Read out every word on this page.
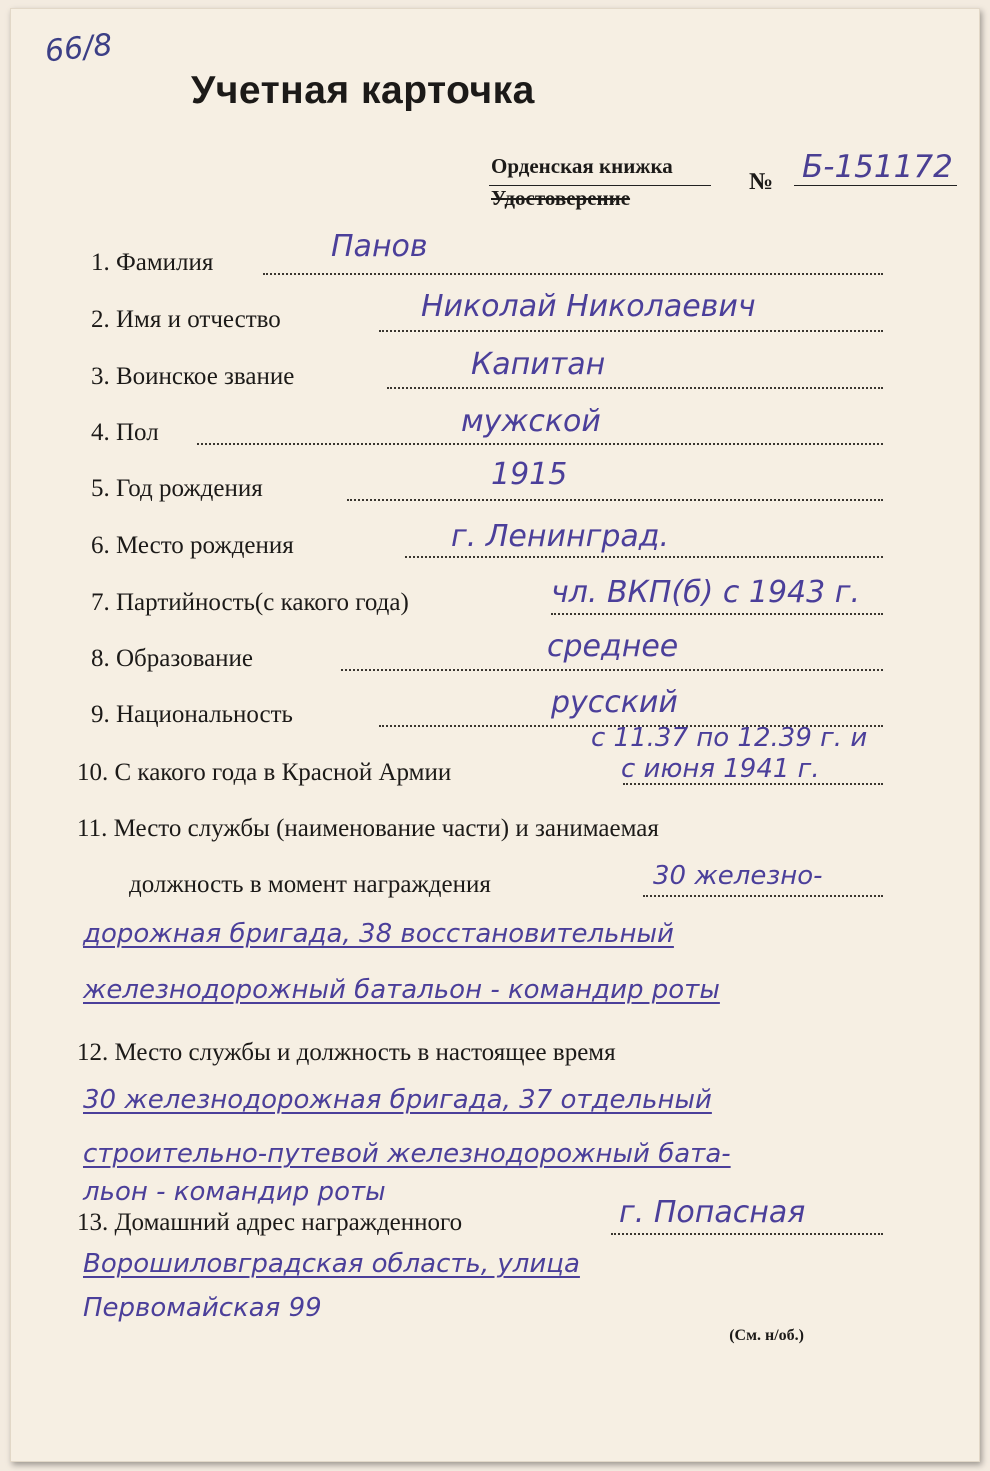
66/8
Учетная карточка
Орденская книжка
Удостоверение
№ Б-151172
1. Фамилия	Панов
2. Имя и отчество	Николай Николаевич
3. Воинское звание	Капитан
4. Пол	мужской
5. Год рождения	1915
6. Место рождения	г. Ленинград.
7. Партийность(с какого года)	чл. ВКП(б) с 1943 г.
8. Образование	среднее
9. Национальность	русский
10. С какого года в Красной Армии
с 11.37 по 12.39 г. и
с июня 1941 г.
11. Место службы (наименование части) и занимаемая
должность в момент награждения	30 железно-
дорожная бригада, 38 восстановительный
железнодорожный батальон - командир роты
12. Место службы и должность в настоящее время
30 железнодорожная бригада, 37 отдельный
строительно-путевой железнодорожный бата-
льон - командир роты
13. Домашний адрес награжденного	г. Попасная
Ворошиловградская область, улица
Первомайская 99
(См. н/об.)
